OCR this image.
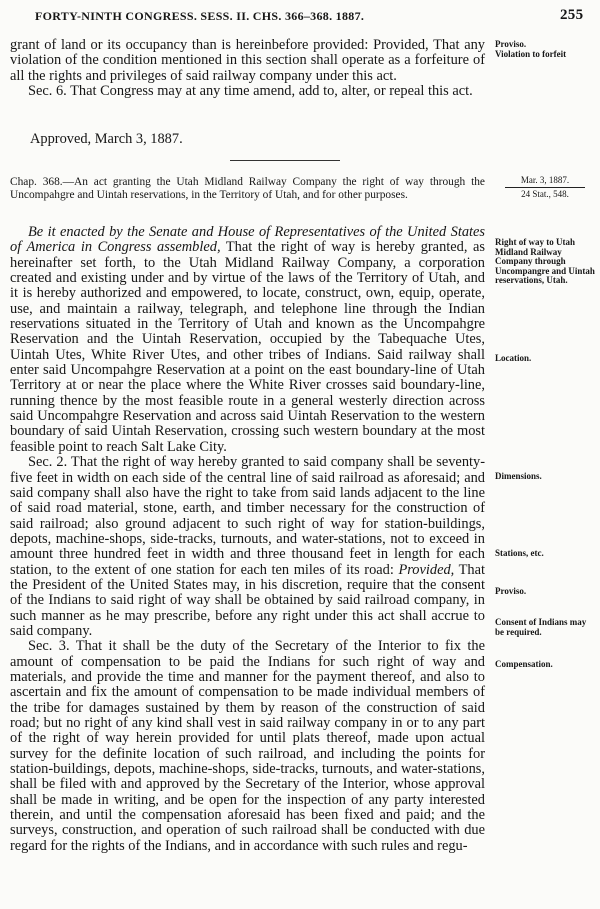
FORTY-NINTH CONGRESS. SESS. II. CHS. 366–368. 1887.	255

grant of land or its occupancy than is hereinbefore provided: Provided, That any violation of the condition mentioned in this section shall operate as a forfeiture of all the rights and privileges of said railway company under this act.

Sec. 6. That Congress may at any time amend, add to, alter, or repeal this act.

Approved, March 3, 1887.
Chap. 368.—An act granting the Utah Midland Railway Company the right of way through the Uncompahgre and Uintah reservations, in the Territory of Utah, and for other purposes.
Mar. 3, 1887.
24 Stat., 548.

Be it enacted by the Senate and House of Representatives of the United States of America in Congress assembled, That the right of way is hereby granted, as hereinafter set forth, to the Utah Midland Railway Company, a corporation created and existing under and by virtue of the laws of the Territory of Utah, and it is hereby authorized and empowered, to locate, construct, own, equip, operate, use, and maintain a railway, telegraph, and telephone line through the Indian reservations situated in the Territory of Utah and known as the Uncompahgre Reservation and the Uintah Reservation, occupied by the Tabequache Utes, Uintah Utes, White River Utes, and other tribes of Indians. Said railway shall enter said Uncompahgre Reservation at a point on the east boundary-line of Utah Territory at or near the place where the White River crosses said boundary-line, running thence by the most feasible route in a general westerly direction across said Uncompahgre Reservation and across said Uintah Reservation to the western boundary of said Uintah Reservation, crossing such western boundary at the most feasible point to reach Salt Lake City.

Sec. 2. That the right of way hereby granted to said company shall be seventy-five feet in width on each side of the central line of said railroad as aforesaid; and said company shall also have the right to take from said lands adjacent to the line of said road material, stone, earth, and timber necessary for the construction of said railroad; also ground adjacent to such right of way for station-buildings, depots, machine-shops, side-tracks, turnouts, and water-stations, not to exceed in amount three hundred feet in width and three thousand feet in length for each station, to the extent of one station for each ten miles of its road: Provided, That the President of the United States may, in his discretion, require that the consent of the Indians to said right of way shall be obtained by said railroad company, in such manner as he may prescribe, before any right under this act shall accrue to said company.

Sec. 3. That it shall be the duty of the Secretary of the Interior to fix the amount of compensation to be paid the Indians for such right of way and materials, and provide the time and manner for the payment thereof, and also to ascertain and fix the amount of compensation to be made individual members of the tribe for damages sustained by them by reason of the construction of said road; but no right of any kind shall vest in said railway company in or to any part of the right of way herein provided for until plats thereof, made upon actual survey for the definite location of such railroad, and including the points for station-buildings, depots, machine-shops, side-tracks, turnouts, and water-stations, shall be filed with and approved by the Secretary of the Interior, whose approval shall be made in writing, and be open for the inspection of any party interested therein, and until the compensation aforesaid has been fixed and paid; and the surveys, construction, and operation of such railroad shall be conducted with due regard for the rights of the Indians, and in accordance with such rules and regu-

Proviso.
Violation to forfeit
Right of way to Utah Midland Railway Company through Uncompangre and Uintah reservations, Utah.
Location.
Dimensions.
Stations, etc.
Proviso.
Consent of Indians may be required.
Compensation.
